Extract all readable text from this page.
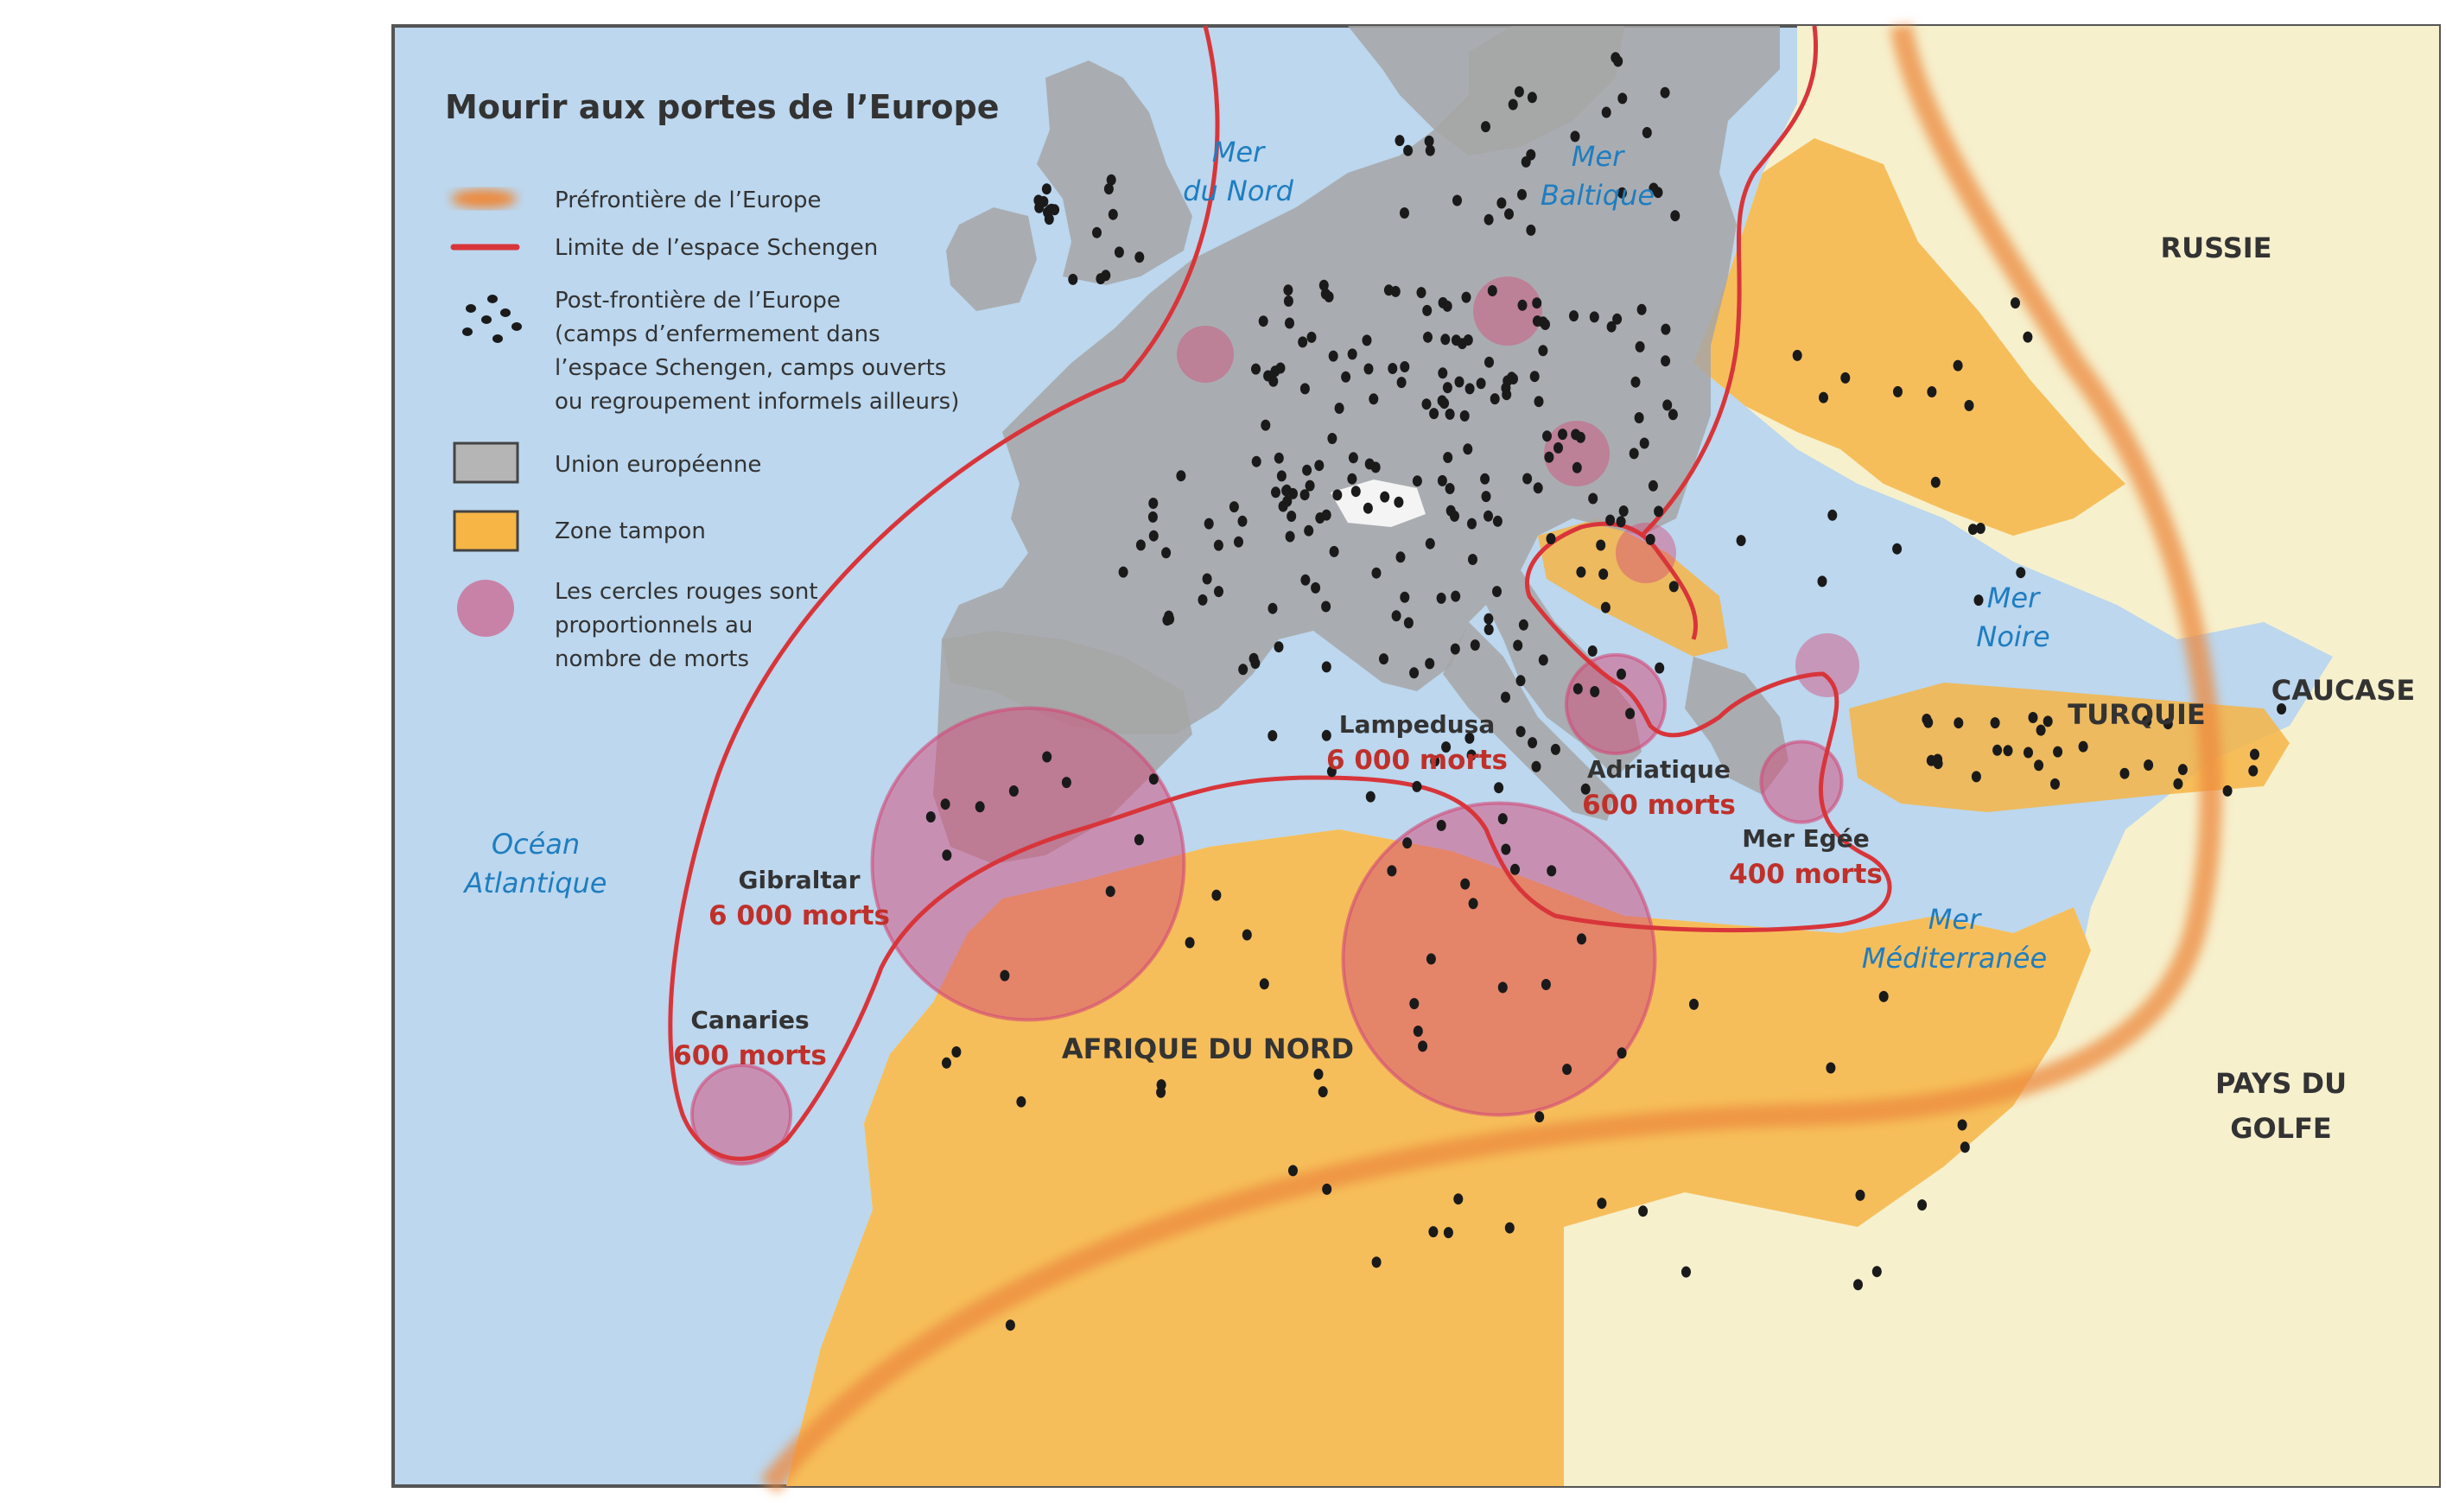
Mourir aux portes de l’Europe
Préfrontière de l’Europe
Limite de l’espace Schengen
Post-frontière de l’Europe (camps d’enfermement dans l’espace Schengen, camps ouverts ou regroupement informels ailleurs)
Union européenne
Zone tampon
Les cercles rouges sont proportionnels au nombre de morts
Mer du Nord
Mer Baltique
Mer Noire
Océan Atlantique
Mer Méditerranée
RUSSIE
CAUCASE
TURQUIE
PAYS DU GOLFE
AFRIQUE DU NORD
Lampedusa
6 000 morts
Gibraltar
6 000 morts
Canaries
600 morts
Adriatique
600 morts
Mer Egée
400 morts
